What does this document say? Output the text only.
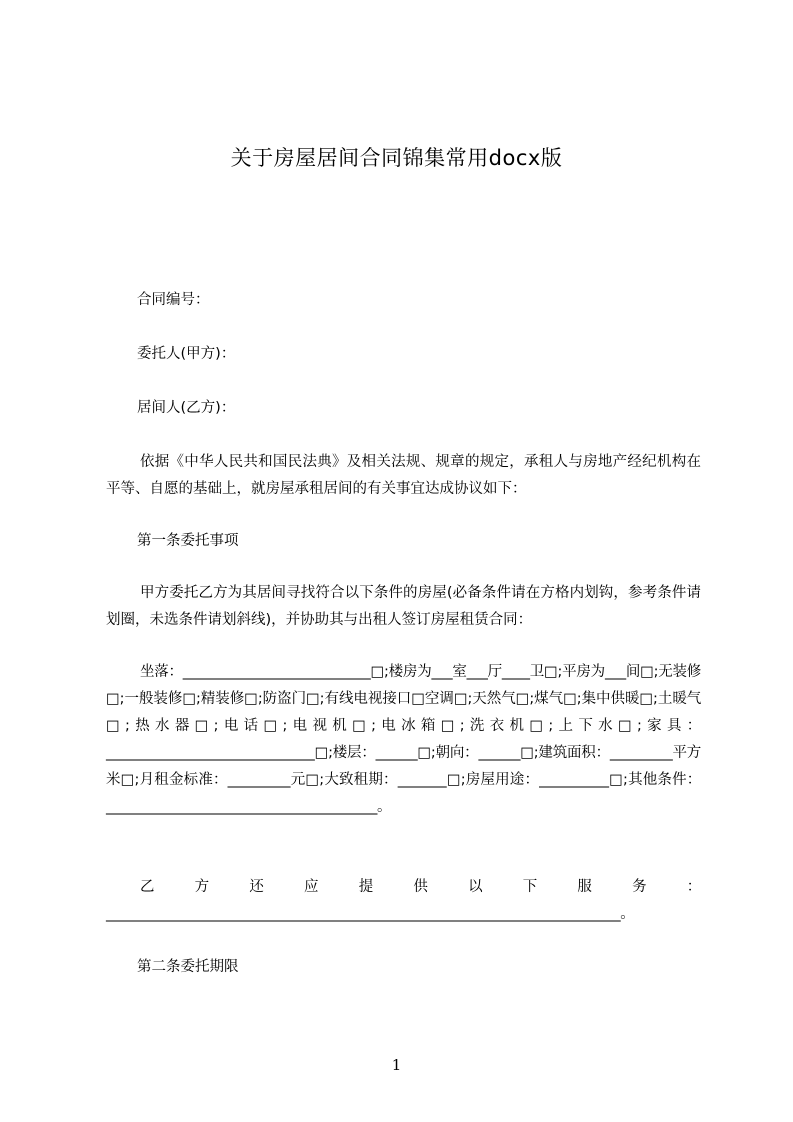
关于房屋居间合同锦集常用docx版

合同编号：

委托人(甲方)：

居间人(乙方)：

依据《中华人民共和国民法典》及相关法规、规章的规定，承租人与房地产经纪机构在平等、自愿的基础上，就房屋承租居间的有关事宜达成协议如下：

第一条委托事项

甲方委托乙方为其居间寻找符合以下条件的房屋(必备条件请在方格内划钩，参考条件请划圈，未选条件请划斜线)，并协助其与出租人签订房屋租赁合同：

坐落：___________________________□;楼房为___室___厅____卫□;平房为___间□;无装修□;一般装修□;精装修□;防盗门□;有线电视接口□空调□;天然气□;煤气□;集中供暖□;土暖气□;热水器□;电话□;电视机□;电冰箱□;洗衣机□;上下水□;家具：______________________________□;楼层：______□;朝向：______□;建筑面积：_________平方米□;月租金标准：_________元□;大致租期：_______□;房屋用途：__________□;其他条件：_______________________________________。

乙方还应提供以下服务：__________________________________________________________________________。

第二条委托期限

1
